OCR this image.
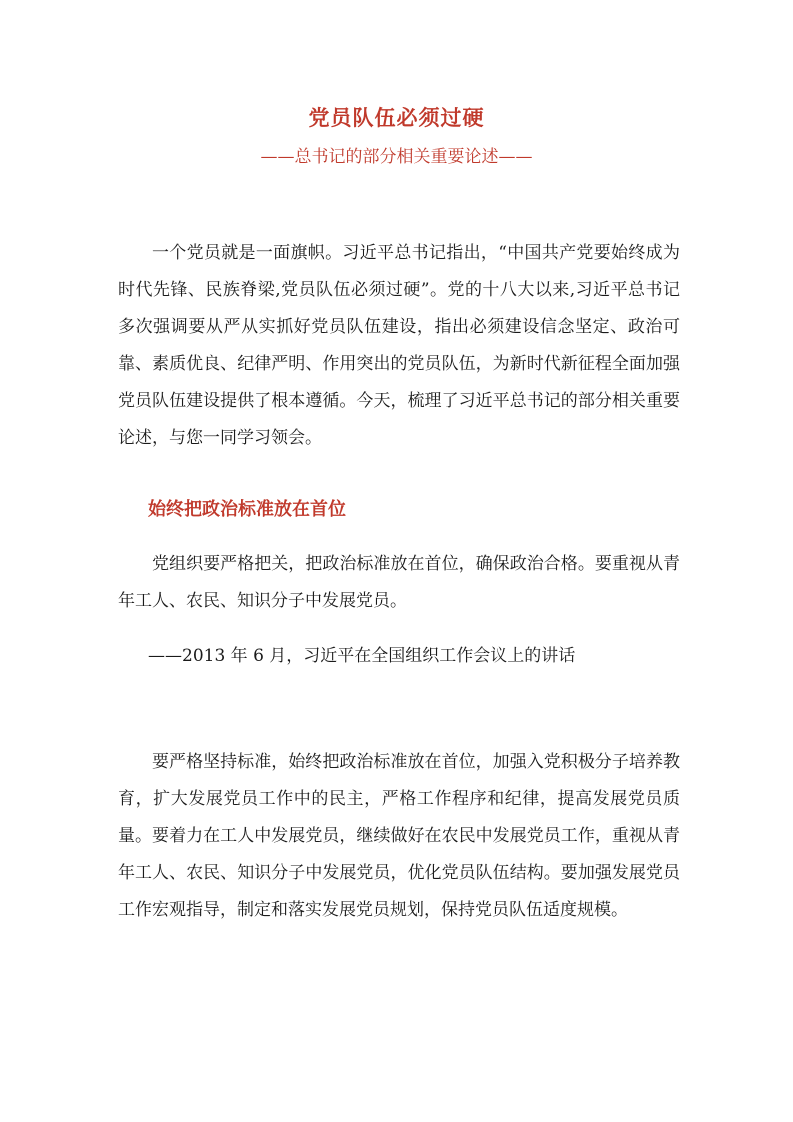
党员队伍必须过硬
——总书记的部分相关重要论述——
一个党员就是一面旗帜。习近平总书记指出，“中国共产党要始终成为时代先锋、民族脊梁,党员队伍必须过硬”。党的十八大以来,习近平总书记多次强调要从严从实抓好党员队伍建设，指出必须建设信念坚定、政治可靠、素质优良、纪律严明、作用突出的党员队伍，为新时代新征程全面加强党员队伍建设提供了根本遵循。今天，梳理了习近平总书记的部分相关重要论述，与您一同学习领会。
始终把政治标准放在首位
党组织要严格把关，把政治标准放在首位，确保政治合格。要重视从青年工人、农民、知识分子中发展党员。
——2013 年 6 月，习近平在全国组织工作会议上的讲话
要严格坚持标准，始终把政治标准放在首位，加强入党积极分子培养教育，扩大发展党员工作中的民主，严格工作程序和纪律，提高发展党员质量。要着力在工人中发展党员，继续做好在农民中发展党员工作，重视从青年工人、农民、知识分子中发展党员，优化党员队伍结构。要加强发展党员工作宏观指导，制定和落实发展党员规划，保持党员队伍适度规模。
